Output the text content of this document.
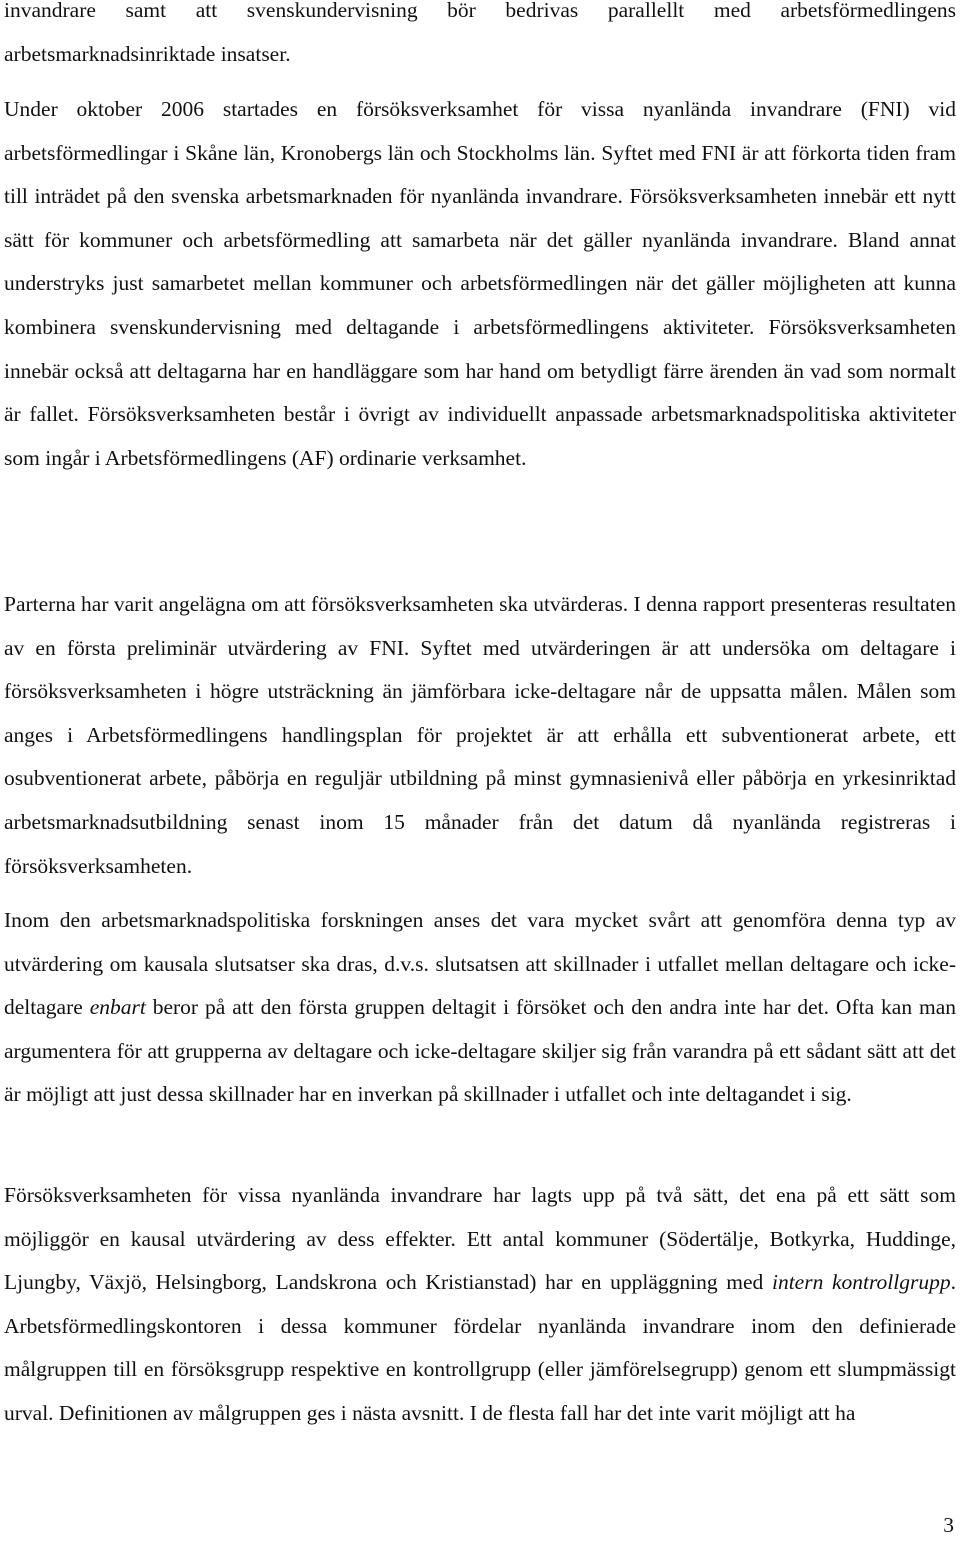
invandrare samt att svenskundervisning bör bedrivas parallellt med arbetsförmedlingens arbetsmarknadsinriktade insatser.

Under oktober 2006 startades en försöksverksamhet för vissa nyanlända invandrare (FNI) vid arbetsförmedlingar i Skåne län, Kronobergs län och Stockholms län. Syftet med FNI är att förkorta tiden fram till inträdet på den svenska arbetsmarknaden för nyanlända invandrare. Försöksverksamheten innebär ett nytt sätt för kommuner och arbetsförmedling att samarbeta när det gäller nyanlända invandrare. Bland annat understryks just samarbetet mellan kommuner och arbetsförmedlingen när det gäller möjligheten att kunna kombinera svenskundervisning med deltagande i arbetsförmedlingens aktiviteter. Försöksverksamheten innebär också att deltagarna har en handläggare som har hand om betydligt färre ärenden än vad som normalt är fallet. Försöksverksamheten består i övrigt av individuellt anpassade arbetsmarknadspolitiska aktiviteter som ingår i Arbetsförmedlingens (AF) ordinarie verksamhet.

Parterna har varit angelägna om att försöksverksamheten ska utvärderas. I denna rapport presenteras resultaten av en första preliminär utvärdering av FNI. Syftet med utvärderingen är att undersöka om deltagare i försöksverksamheten i högre utsträckning än jämförbara icke-deltagare når de uppsatta målen. Målen som anges i Arbetsförmedlingens handlingsplan för projektet är att erhålla ett subventionerat arbete, ett osubventionerat arbete, påbörja en reguljär utbildning på minst gymnasienivå eller påbörja en yrkesinriktad arbetsmarknadsutbildning senast inom 15 månader från det datum då nyanlända registreras i försöksverksamheten.

Inom den arbetsmarknadspolitiska forskningen anses det vara mycket svårt att genomföra denna typ av utvärdering om kausala slutsatser ska dras, d.v.s. slutsatsen att skillnader i utfallet mellan deltagare och icke-deltagare enbart beror på att den första gruppen deltagit i försöket och den andra inte har det. Ofta kan man argumentera för att grupperna av deltagare och icke-deltagare skiljer sig från varandra på ett sådant sätt att det är möjligt att just dessa skillnader har en inverkan på skillnader i utfallet och inte deltagandet i sig.

Försöksverksamheten för vissa nyanlända invandrare har lagts upp på två sätt, det ena på ett sätt som möjliggör en kausal utvärdering av dess effekter. Ett antal kommuner (Södertälje, Botkyrka, Huddinge, Ljungby, Växjö, Helsingborg, Landskrona och Kristianstad) har en uppläggning med intern kontrollgrupp. Arbetsförmedlingskontoren i dessa kommuner fördelar nyanlända invandrare inom den definierade målgruppen till en försöksgrupp respektive en kontrollgrupp (eller jämförelsegrupp) genom ett slumpmässigt urval. Definitionen av målgruppen ges i nästa avsnitt. I de flesta fall har det inte varit möjligt att ha

3
